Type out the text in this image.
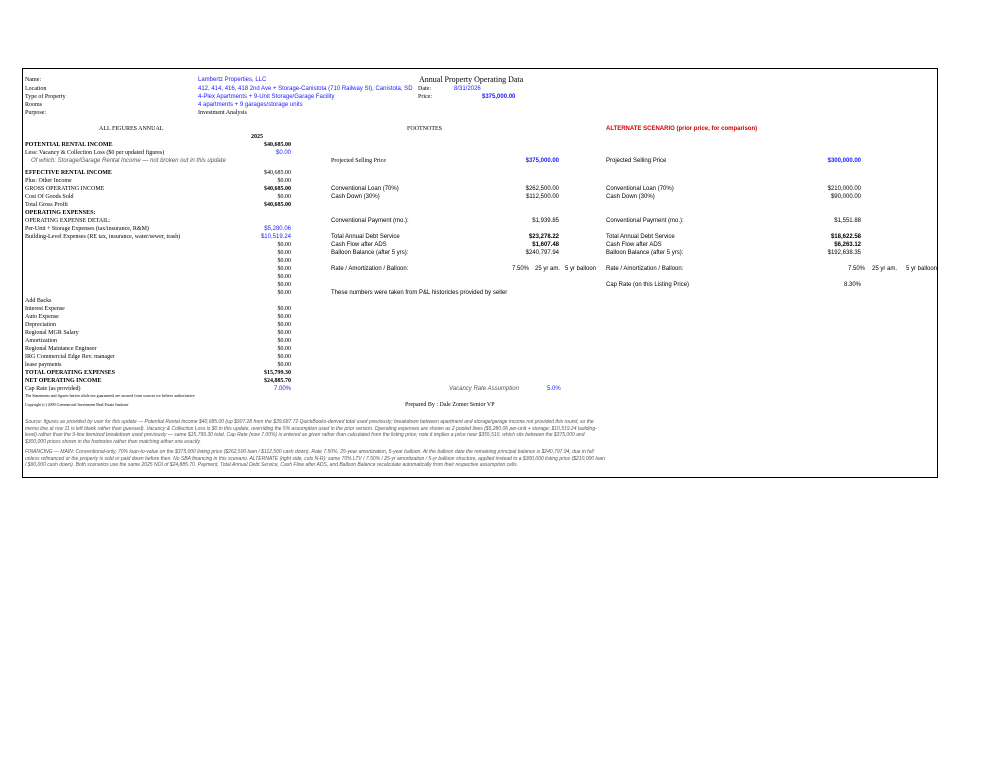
Name:	Lambertz Properties, LLC	Annual Property Operating Data
Location	412, 414, 416, 418 2nd Ave + Storage-Canistota (710 Railway St), Canistota, SD Date:	8/31/2026
Type of Property	4-Plex Apartments + 9-Unit Storage/Garage Facility	Price:	$375,000.00
Rooms	4 apartments + 9 garages/storage units
Purpose:	Investment Analysis
ALL FIGURES ANNUAL	FOOTNOTES	ALTERNATE SCENARIO (prior price, for comparison)
2025
POTENTIAL RENTAL INCOME	$40,685.00
Less: Vacancy & Collection Loss ($0 per updated figures)	$0.00
Of which: Storage/Garage Rental Income — not broken out in this update
EFFECTIVE RENTAL INCOME	$40,685.00
Plus: Other Income	$0.00
GROSS OPERATING INCOME	$40,685.00
Cost Of Goods Sold	$0.00
Total Gross Profit	$40,685.00
OPERATING EXPENSES:
OPERATING EXPENSE DETAIL:
Per-Unit + Storage Expenses (tax/insurance, R&M)	$5,280.06
Building-Level Expenses (RE tax, insurance, water/sewer, trash)	$10,519.24
$0.00
$0.00
$0.00
$0.00
$0.00
$0.00
$0.00
Add Backs
Interest Expense	$0.00
Auto Expense	$0.00
Depreciation	$0.00
Regional MGR Salary	$0.00
Amortization	$0.00
Regional Maintance Engineer	$0.00
IRG Commercial Edge Rev. manager	$0.00
lease payments	$0.00
TOTAL OPERATING EXPENSES	$15,799.30
NET OPERATING INCOME	$24,885.70
Cap Rate (as provided)	7.00%	Vacancy Rate Assumption	5.0%
The Statements and figures herein while not guaranteed are secured from sources we believe authoritative.
Copyright (c) 2009 Commercial Investment Real Estate Institute	Prepared By : Dale Zomer Senior VP
Projected Selling Price	$375,000.00
Conventional Loan (70%)	$262,500.00
Cash Down (30%)	$112,500.00
Conventional Payment (mo.):	$1,939.85
Total Annual Debt Service	$23,278.22
Cash Flow after ADS	$1,607.48
Balloon Balance (after 5 yrs):	$240,797.94
Rate / Amortization / Balloon:	7.50% 25 yr am. 5 yr balloon
These numbers were taken from P&L historicles provided by seller
Projected Selling Price	$300,000.00
Conventional Loan (70%)	$210,000.00
Cash Down (30%)	$90,000.00
Conventional Payment (mo.):	$1,551.88
Total Annual Debt Service	$18,622.58
Cash Flow after ADS	$6,263.12
Balloon Balance (after 5 yrs):	$192,638.35
Rate / Amortization / Balloon:	7.50% 25 yr am. 5 yr balloon
Cap Rate (on this Listing Price)	8.30%
Source: figures as provided by user for this update — Potential Rental Income $40,685.00 (up $907.28 from the $39,687.72 QuickBooks-derived total used previously; breakdown between apartment and storage/garage income not provided this round, so the memo line at row 11 is left blank rather than guessed). Vacancy & Collection Loss is $0 in this update, overriding the 5% assumption used in the prior version. Operating expenses are shown as 2 pooled lines ($5,280.06 per-unit + storage; $10,519.24 building-level) rather than the 9-line itemized breakdown used previously — same $15,799.30 total. Cap Rate (now 7.00%) is entered as given rather than calculated from the listing price; note it implies a price near $355,510, which sits between the $375,000 and $300,000 prices shown in the footnotes rather than matching either one exactly.
FINANCING — MAIN: Conventional-only, 70% loan-to-value on the $375,000 listing price ($262,500 loan / $112,500 cash down). Rate 7.50%, 25-year amortization, 5-year balloon. At the balloon date the remaining principal balance is $240,797.94, due in full unless refinanced or the property is sold or paid down before then. No SBA financing in this scenario. ALTERNATE (right side, cols N-R): same 70% LTV / 7.50% / 25-yr amortization / 5-yr balloon structure, applied instead to a $300,000 listing price ($210,000 loan / $90,000 cash down). Both scenarios use the same 2025 NOI of $24,885.70. Payment, Total Annual Debt Service, Cash Flow after ADS, and Balloon Balance recalculate automatically from their respective assumption cells.
